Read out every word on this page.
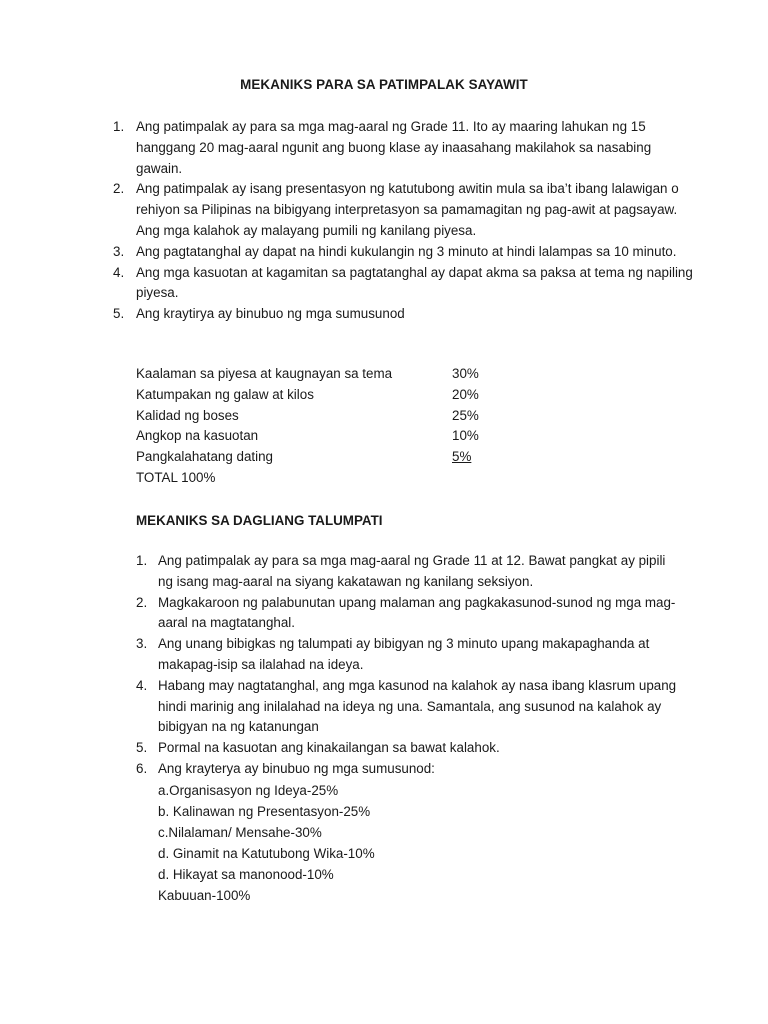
MEKANIKS PARA SA PATIMPALAK SAYAWIT
1. Ang patimpalak ay para sa mga mag-aaral ng Grade 11. Ito ay maaring lahukan ng 15 hanggang 20 mag-aaral ngunit ang buong klase ay inaasahang makilahok sa nasabing gawain.
2. Ang patimpalak ay isang presentasyon ng katutubong awitin mula sa iba’t ibang lalawigan o rehiyon sa Pilipinas na bibigyang interpretasyon sa pamamagitan ng pag-awit at pagsayaw. Ang mga kalahok ay malayang pumili ng kanilang piyesa.
3. Ang pagtatanghal ay dapat na hindi kukulangin ng 3 minuto at hindi lalampas sa 10 minuto.
4. Ang mga kasuotan at kagamitan sa pagtatanghal ay dapat akma sa paksa at tema ng napiling piyesa.
5. Ang kraytirya ay binubuo ng mga sumusunod
Kaalaman sa piyesa at kaugnayan sa tema	30%
Katumpakan ng galaw at kilos	20%
Kalidad ng boses	25%
Angkop na kasuotan	10%
Pangkalahatang dating	5%
TOTAL 100%
MEKANIKS SA DAGLIANG TALUMPATI
1. Ang patimpalak ay para sa mga mag-aaral ng Grade 11 at 12. Bawat pangkat ay pipili ng isang mag-aaral na siyang kakatawan ng kanilang seksiyon.
2. Magkakaroon ng palabunutan upang malaman ang pagkakasunod-sunod ng mga mag-aaral na magtatanghal.
3. Ang unang bibigkas ng talumpati ay bibigyan ng 3 minuto upang makapaghanda at makapag-isip sa ilalahad na ideya.
4. Habang may nagtatanghal, ang mga kasunod na kalahok ay nasa ibang klasrum upang hindi marinig ang inilalahad na ideya ng una. Samantala, ang susunod na kalahok ay bibigyan na ng katanungan
5. Pormal na kasuotan ang kinakailangan sa bawat kalahok.
6. Ang krayterya ay binubuo ng mga sumusunod:
a.Organisasyon ng Ideya-25%
b. Kalinawan ng Presentasyon-25%
c.Nilalaman/ Mensahe-30%
d. Ginamit na Katutubong Wika-10%
d. Hikayat sa manonood-10%
Kabuuan-100%
